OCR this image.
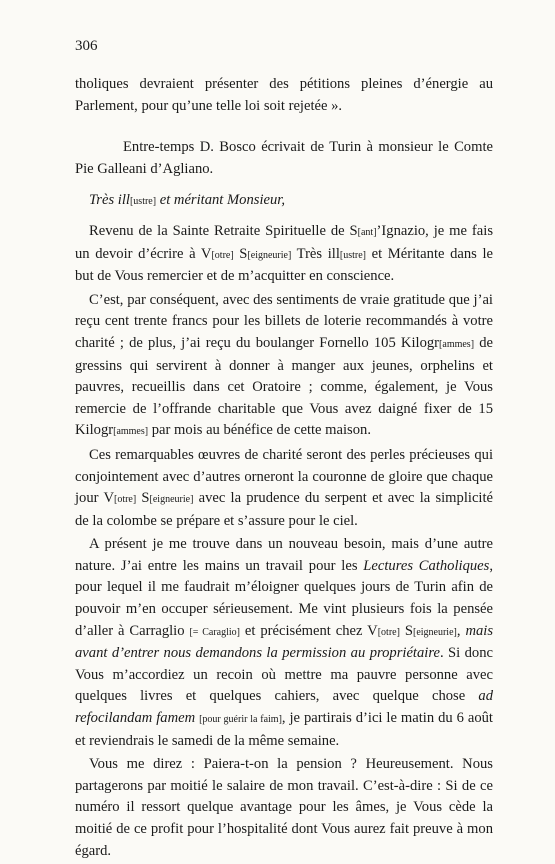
306

tholiques devraient présenter des pétitions pleines d’énergie au Parlement, pour qu’une telle loi soit rejetée ».

Entre-temps D. Bosco écrivait de Turin à monsieur le Comte Pie Galleani d’Agliano.

Très ill[ustre] et méritant Monsieur,

Revenu de la Sainte Retraite Spirituelle de S[ant]’Ignazio, je me fais un devoir d’écrire à V[otre] S[eigneurie] Très ill[ustre] et Méritante dans le but de Vous remercier et de m’acquitter en conscience.

C’est, par conséquent, avec des sentiments de vraie gratitude que j’ai reçu cent trente francs pour les billets de loterie recommandés à votre charité ; de plus, j’ai reçu du boulanger Fornello 105 Kilogr[ammes] de gressins qui servirent à donner à manger aux jeunes, orphelins et pauvres, recueillis dans cet Oratoire ; comme, également, je Vous remercie de l’offrande charitable que Vous avez daigné fixer de 15 Kilogr[ammes] par mois au bénéfice de cette maison.

Ces remarquables œuvres de charité seront des perles précieuses qui conjointement avec d’autres orneront la couronne de gloire que chaque jour V[otre] S[eigneurie] avec la prudence du serpent et avec la simplicité de la colombe se prépare et s’assure pour le ciel.

A présent je me trouve dans un nouveau besoin, mais d’une autre nature. J’ai entre les mains un travail pour les Lectures Catholiques, pour lequel il me faudrait m’éloigner quelques jours de Turin afin de pouvoir m’en occuper sérieusement. Me vint plusieurs fois la pensée d’aller à Carraglio [= Caraglio] et précisément chez V[otre] S[eigneurie], mais avant d’entrer nous demandons la permission au propriétaire. Si donc Vous m’accordiez un recoin où mettre ma pauvre personne avec quelques livres et quelques cahiers, avec quelque chose ad refocilandam famem [pour guérir la faim], je partirais d’ici le matin du 6 août et reviendrais le samedi de la même semaine.

Vous me direz : Paiera-t-on la pension ? Heureusement. Nous partagerons par moitié le salaire de mon travail. C’est-à-dire : Si de ce numéro il ressort quelque avantage pour les âmes, je Vous cède la moitié de ce profit pour l’hospitalité dont Vous aurez fait preuve à mon égard.
